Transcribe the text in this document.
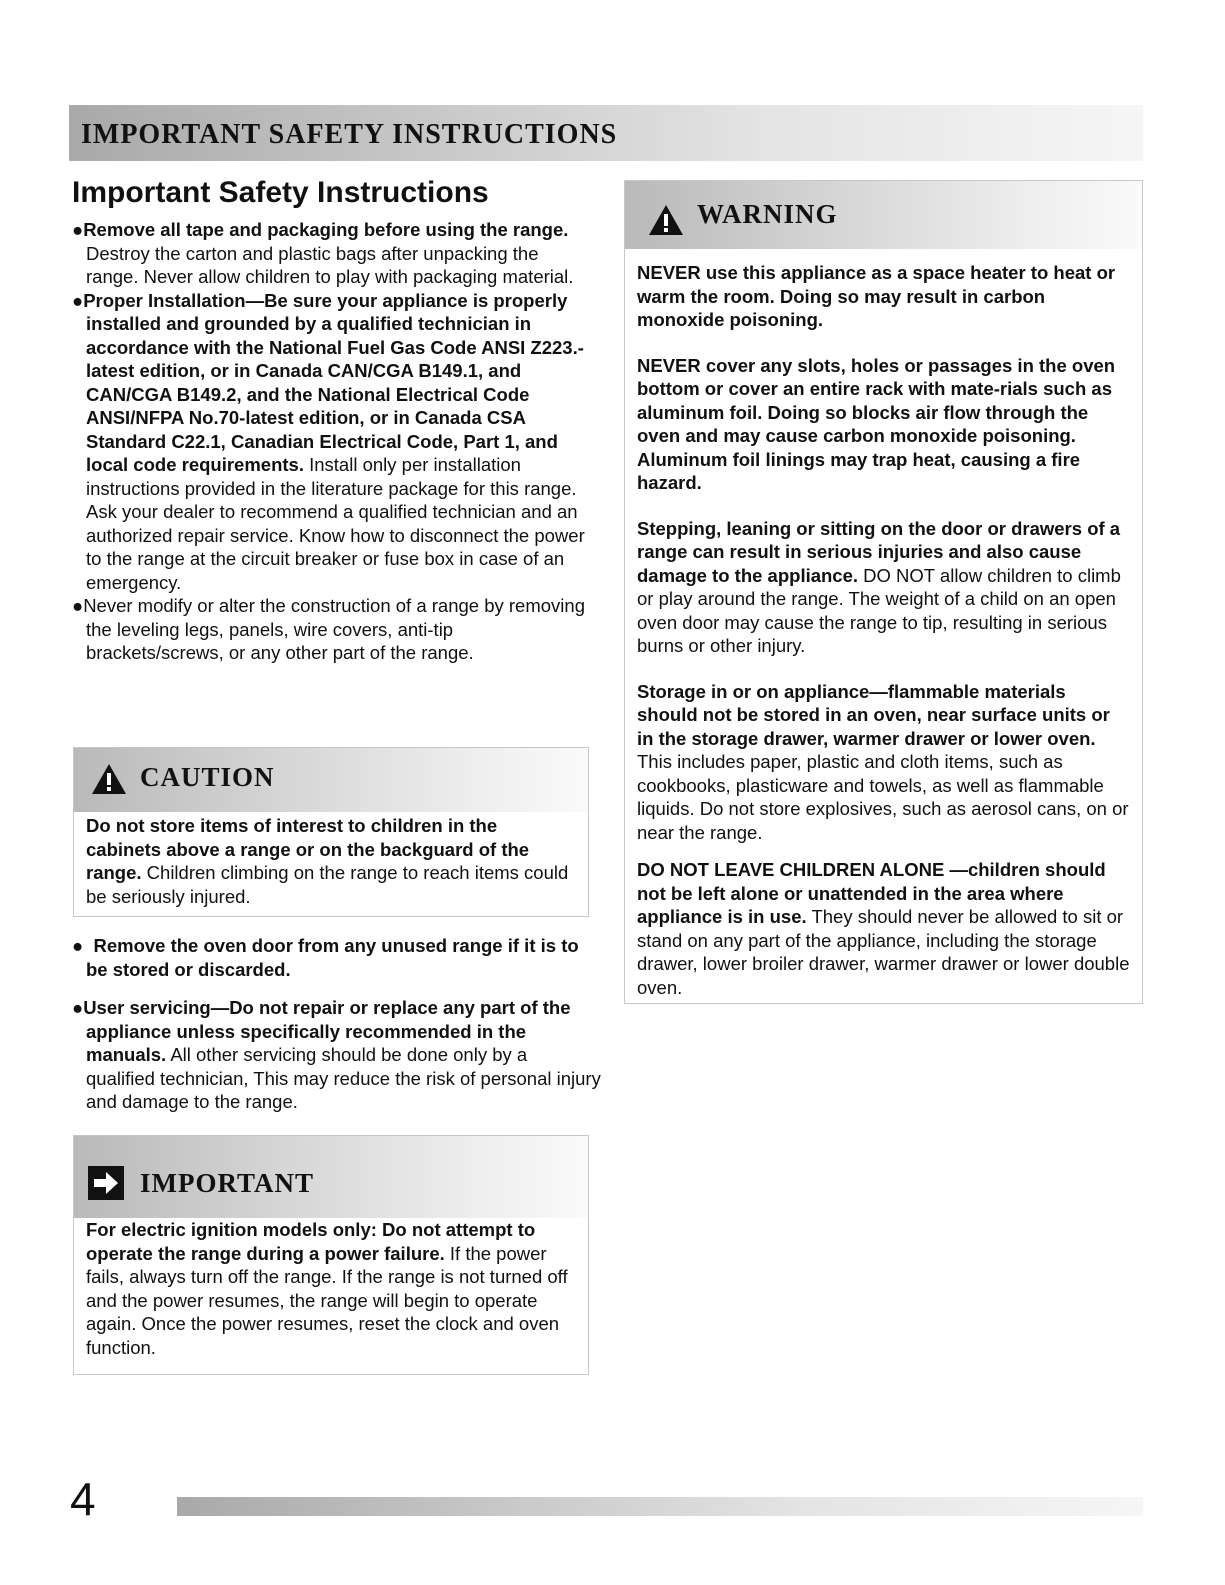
IMPORTANT SAFETY INSTRUCTIONS
Important Safety Instructions

●Remove all tape and packaging before using the range. Destroy the carton and plastic bags after unpacking the range. Never allow children to play with packaging material.

●Proper Installation—Be sure your appliance is properly installed and grounded by a qualified technician in accordance with the National Fuel Gas Code ANSI Z223.- latest edition, or in Canada CAN/CGA B149.1, and CAN/CGA B149.2, and the National Electrical Code ANSI/NFPA No.70-latest edition, or in Canada CSA Standard C22.1, Canadian Electrical Code, Part 1, and local code requirements. Install only per installation instructions provided in the literature package for this range. Ask your dealer to recommend a qualified technician and an authorized repair service. Know how to disconnect the power to the range at the circuit breaker or fuse box in case of an emergency.

●Never modify or alter the construction of a range by removing the leveling legs, panels, wire covers, anti-tip brackets/screws, or any other part of the range.

CAUTION

Do not store items of interest to children in the cabinets above a range or on the backguard of the range. Children climbing on the range to reach items could be seriously injured.

●  Remove the oven door from any unused range if it is to be stored or discarded.

●User servicing—Do not repair or replace any part of the appliance unless specifically recommended in the manuals. All other servicing should be done only by a qualified technician, This may reduce the risk of personal injury and damage to the range.

IMPORTANT

For electric ignition models only: Do not attempt to operate the range during a power failure. If the power fails, always turn off the range. If the range is not turned off and the power resumes, the range will begin to operate again. Once the power resumes, reset the clock and oven function.

WARNING

NEVER use this appliance as a space heater to heat or warm the room. Doing so may result in carbon monoxide poisoning.

NEVER cover any slots, holes or passages in the oven bottom or cover an entire rack with mate-rials such as aluminum foil. Doing so blocks air flow through the oven and may cause carbon monoxide poisoning. Aluminum foil linings may trap heat, causing a fire hazard.

Stepping, leaning or sitting on the door or drawers of a range can result in serious injuries and also cause damage to the appliance. DO NOT allow children to climb or play around the range. The weight of a child on an open oven door may cause the range to tip, resulting in serious burns or other injury.

Storage in or on appliance—flammable materials should not be stored in an oven, near surface units or in the storage drawer, warmer drawer or lower oven. This includes paper, plastic and cloth items, such as cookbooks, plasticware and towels, as well as flammable liquids. Do not store explosives, such as aerosol cans, on or near the range.

DO NOT LEAVE CHILDREN ALONE —children should not be left alone or unattended in the area where appliance is in use. They should never be allowed to sit or stand on any part of the appliance, including the storage drawer, lower broiler drawer, warmer drawer or lower double oven.

4
